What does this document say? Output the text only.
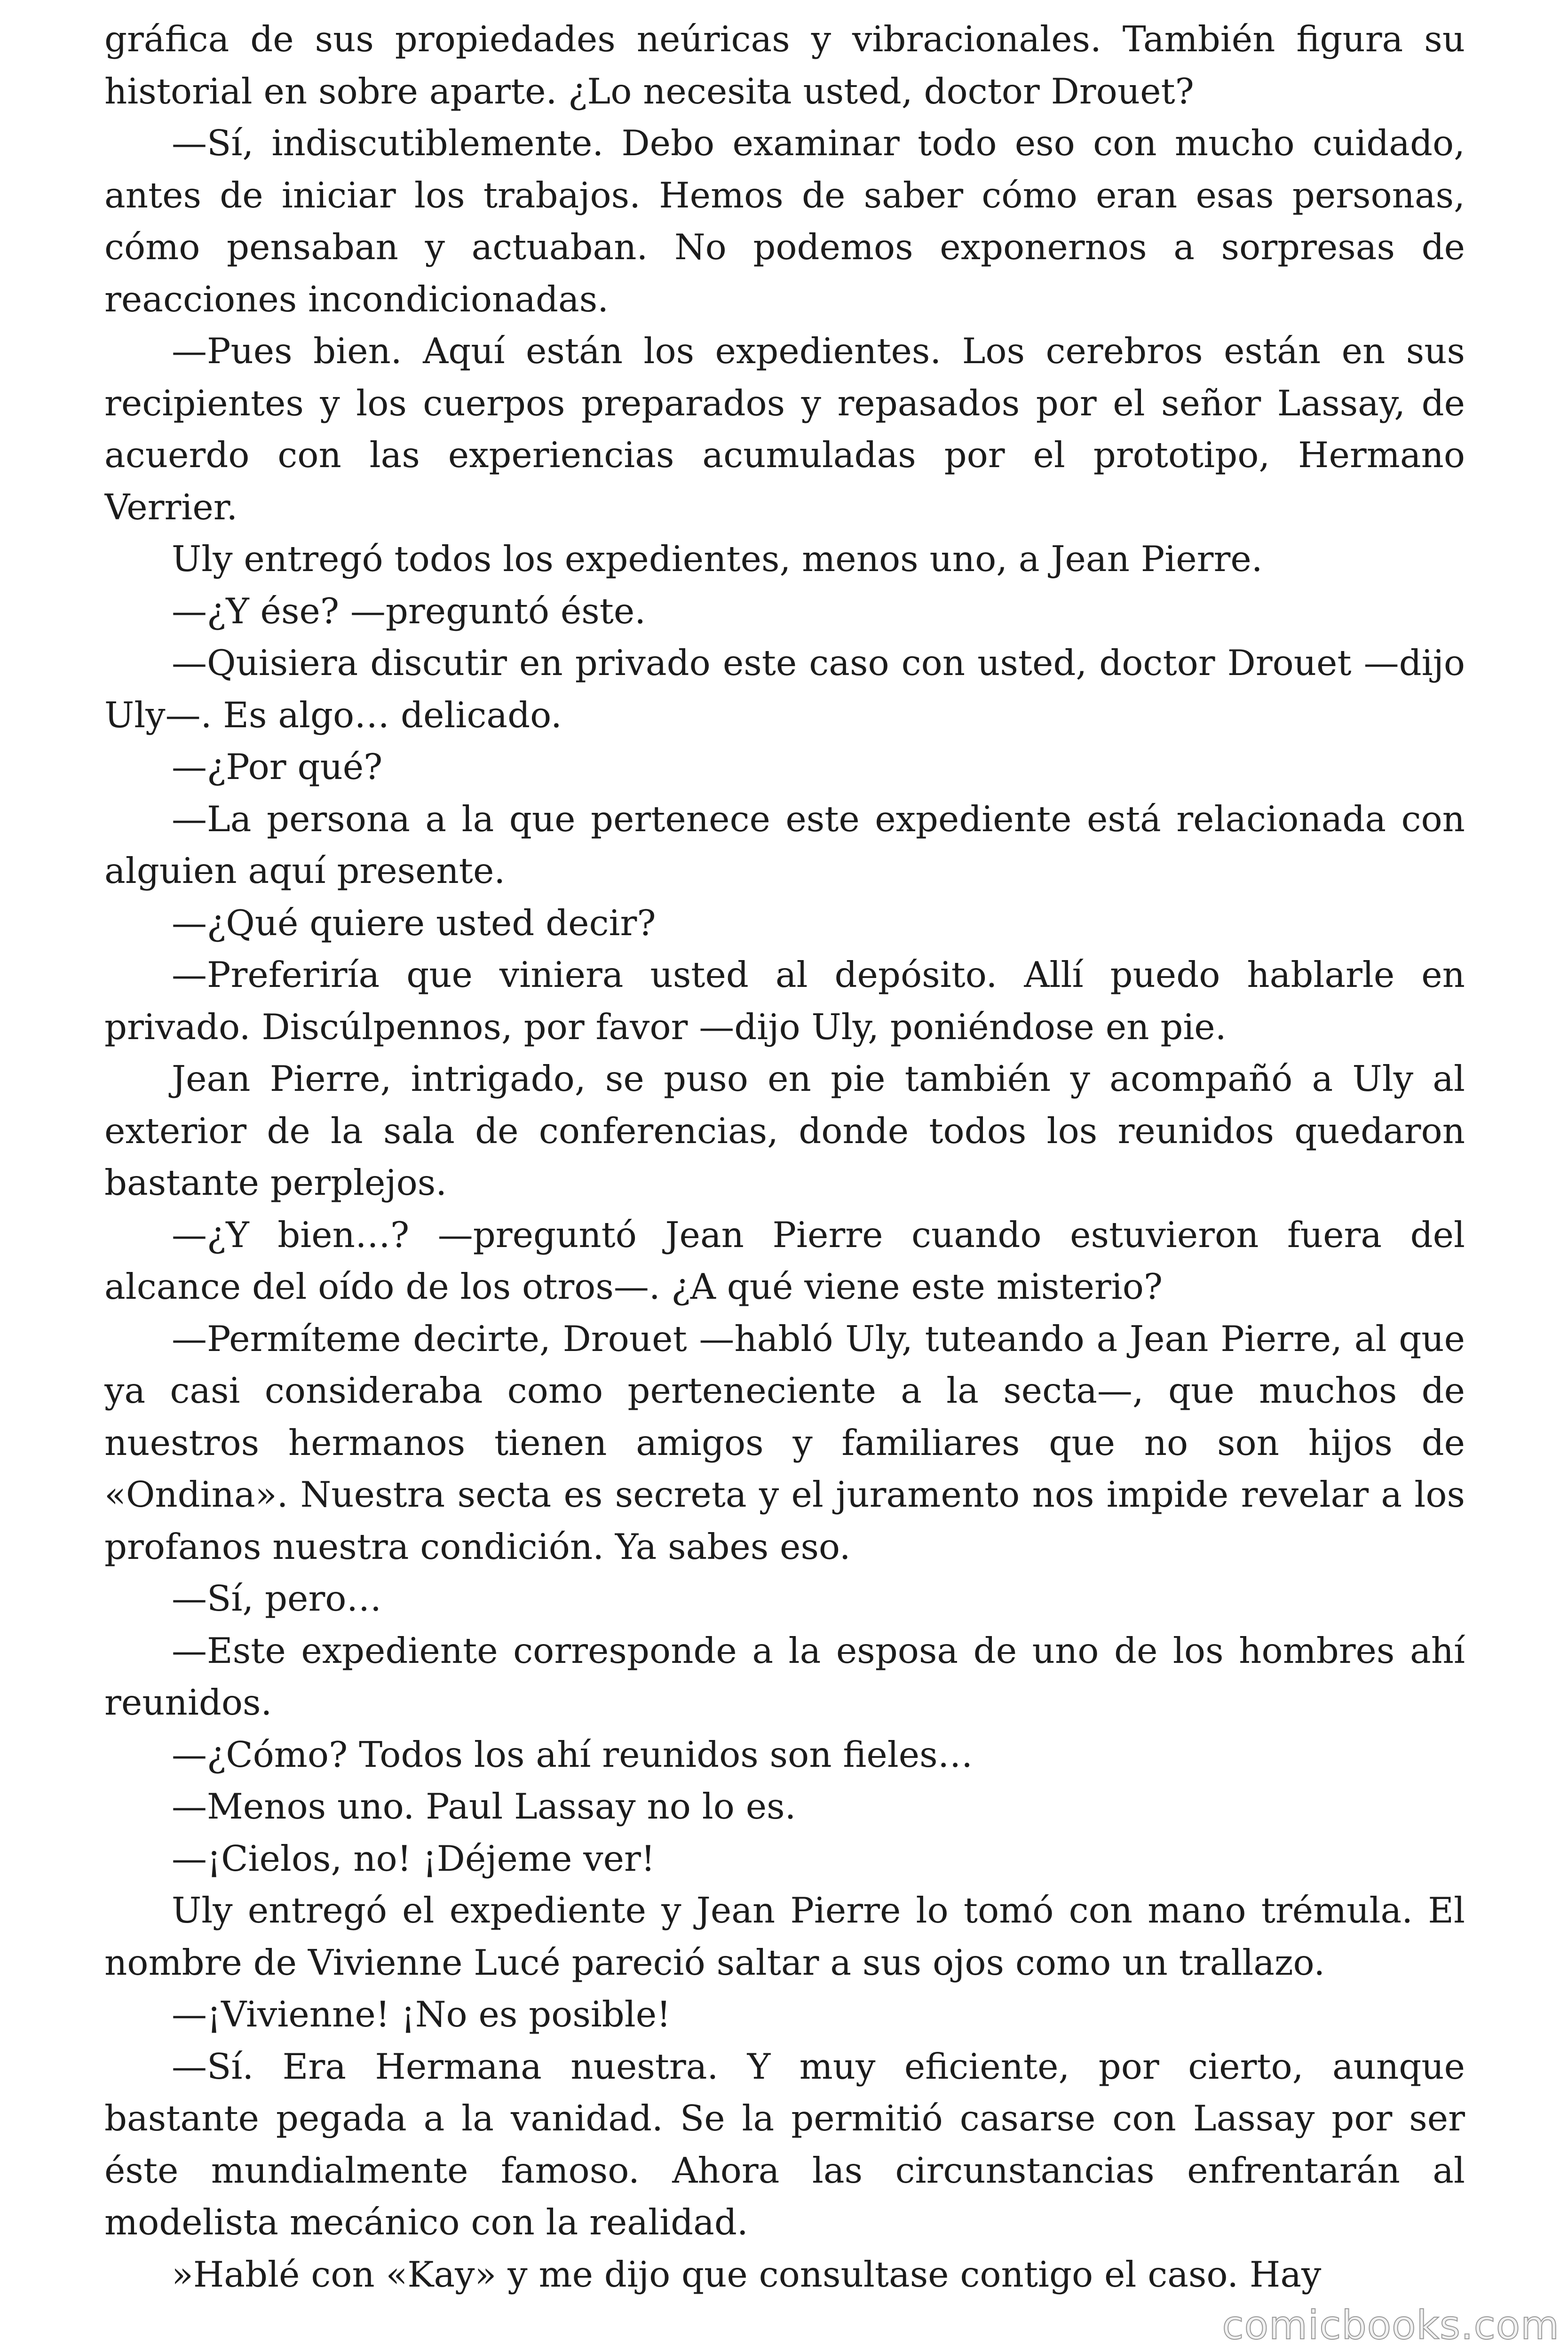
gráfica de sus propiedades neúricas y vibracionales. También figura su historial en sobre aparte. ¿Lo necesita usted, doctor Drouet?

—Sí, indiscutiblemente. Debo examinar todo eso con mucho cuidado, antes de iniciar los trabajos. Hemos de saber cómo eran esas personas, cómo pensaban y actuaban. No podemos exponernos a sorpresas de reacciones incondicionadas.

—Pues bien. Aquí están los expedientes. Los cerebros están en sus recipientes y los cuerpos preparados y repasados por el señor Lassay, de acuerdo con las experiencias acumuladas por el prototipo, Hermano Verrier.

Uly entregó todos los expedientes, menos uno, a Jean Pierre.

—¿Y ése? —preguntó éste.

—Quisiera discutir en privado este caso con usted, doctor Drouet —dijo Uly—. Es algo… delicado.

—¿Por qué?

—La persona a la que pertenece este expediente está relacionada con alguien aquí presente.

—¿Qué quiere usted decir?

—Preferiría que viniera usted al depósito. Allí puedo hablarle en privado. Discúlpennos, por favor —dijo Uly, poniéndose en pie.

Jean Pierre, intrigado, se puso en pie también y acompañó a Uly al exterior de la sala de conferencias, donde todos los reunidos quedaron bastante perplejos.

—¿Y bien…? —preguntó Jean Pierre cuando estuvieron fuera del alcance del oído de los otros—. ¿A qué viene este misterio?

—Permíteme decirte, Drouet —habló Uly, tuteando a Jean Pierre, al que ya casi consideraba como perteneciente a la secta—, que muchos de nuestros hermanos tienen amigos y familiares que no son hijos de «Ondina». Nuestra secta es secreta y el juramento nos impide revelar a los profanos nuestra condición. Ya sabes eso.

—Sí, pero…

—Este expediente corresponde a la esposa de uno de los hombres ahí reunidos.

—¿Cómo? Todos los ahí reunidos son fieles…

—Menos uno. Paul Lassay no lo es.

—¡Cielos, no! ¡Déjeme ver!

Uly entregó el expediente y Jean Pierre lo tomó con mano trémula. El nombre de Vivienne Lucé pareció saltar a sus ojos como un trallazo.

—¡Vivienne! ¡No es posible!

—Sí. Era Hermana nuestra. Y muy eficiente, por cierto, aunque bastante pegada a la vanidad. Se la permitió casarse con Lassay por ser éste mundialmente famoso. Ahora las circunstancias enfrentarán al modelista mecánico con la realidad.

»Hablé con «Kay» y me dijo que consultase contigo el caso. Hay

comicbooks.com
